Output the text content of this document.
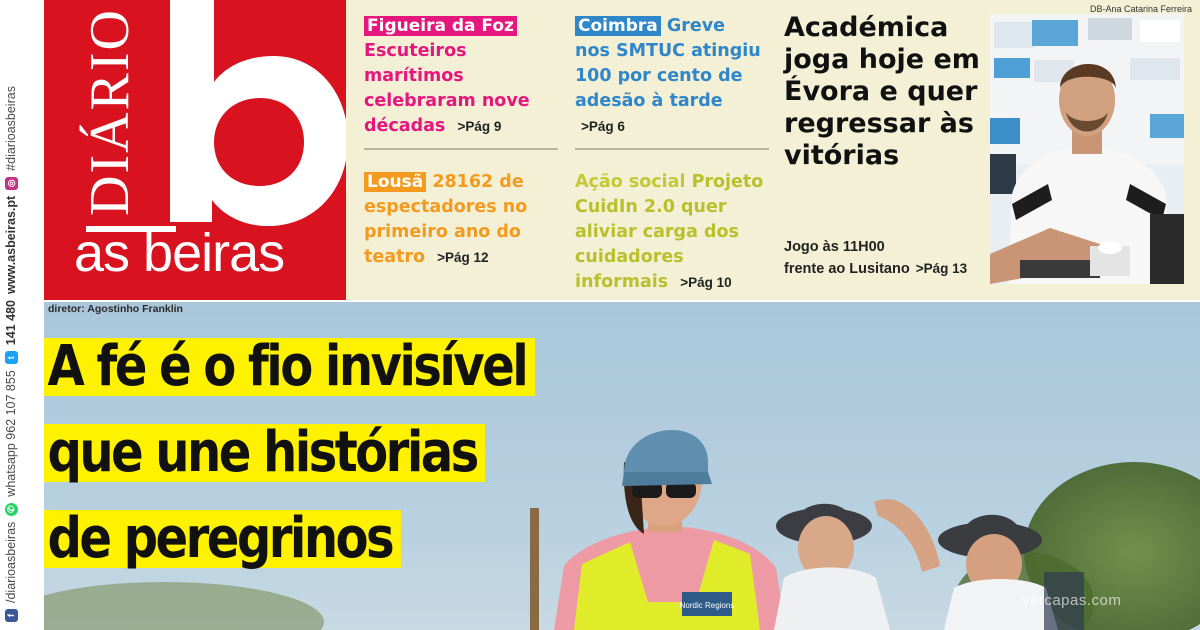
f
/diarioasbeiras
✆
whatsapp 962 107 855
t
141 480
www.asbeiras.pt
◎
#diarioasbeiras DIÁRIO
as beiras
Figueira da Foz Escuteiros marítimos celebraram nove décadas >Pág 9
Coimbra Greve nos SMTUC atingiu 100 por cento de adesão à tarde >Pág 6
Lousã 28162 de espectadores no primeiro ano do teatro >Pág 12
Ação social Projeto CuidIn 2.0 quer aliviar carga dos cuidadores informais >Pág 10
Académica joga hoje em Évora e quer regressar às vitórias
Jogo às 11H00
frente ao Lusitano >Pág 13
DB-Ana Catarina Ferreira
Nordic Regions
diretor: Agostinho Franklin
A fé é o fio invisível
que une histórias
de peregrinos
vercapas.com
